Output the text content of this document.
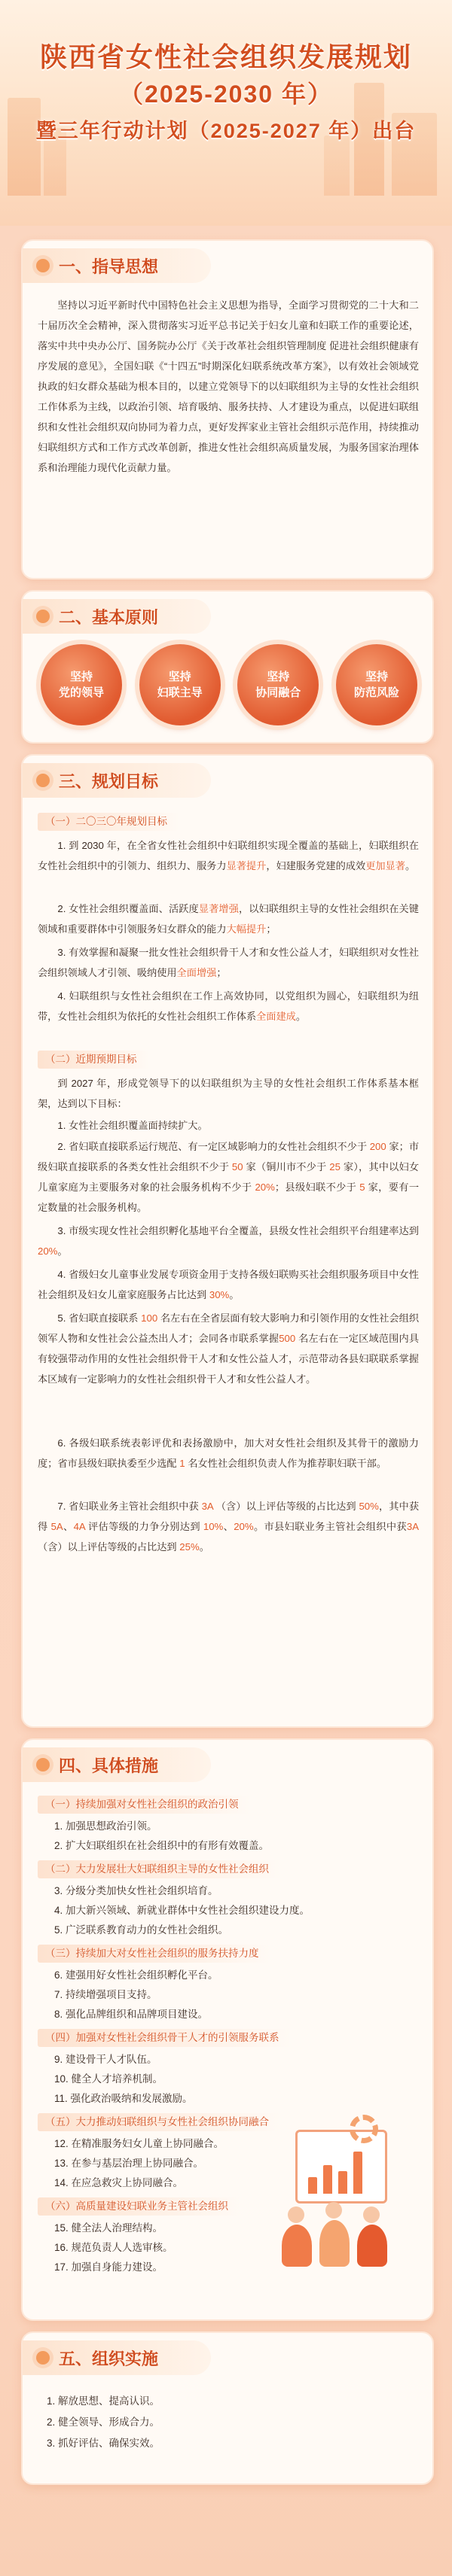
陕西省女性社会组织发展规划
（2025-2030 年）
暨三年行动计划（2025-2027 年）出台
一、指导思想
坚持以习近平新时代中国特色社会主义思想为指导，全面学习贯彻党的二十大和二十届历次全会精神，深入贯彻落实习近平总书记关于妇女儿童和妇联工作的重要论述，落实中共中央办公厅、国务院办公厅《关于改革社会组织管理制度 促进社会组织健康有序发展的意见》，全国妇联《“十四五”时期深化妇联系统改革方案》，以有效社会领域党执政的妇女群众基础为根本目的，以建立党领导下的以妇联组织为主导的女性社会组织工作体系为主线，以政治引领、培育吸纳、服务扶持、人才建设为重点，以促进妇联组织和女性社会组织双向协同为着力点，更好发挥家业主管社会组织示范作用，持续推动妇联组织方式和工作方式改革创新，推进女性社会组织高质量发展，为服务国家治理体系和治理能力现代化贡献力量。
二、基本原则
坚持
党的领导
坚持
妇联主导
坚持
协同融合
坚持
防范风险
三、规划目标
（一）二〇三〇年规划目标
1. 到 2030 年，在全省女性社会组织中妇联组织实现全覆盖的基础上，妇联组织在女性社会组织中的引领力、组织力、服务力显著提升，妇建服务党建的成效更加显著。
2. 女性社会组织覆盖面、活跃度显著增强，以妇联组织主导的女性社会组织在关键领域和重要群体中引领服务妇女群众的能力大幅提升；
3. 有效掌握和凝聚一批女性社会组织骨干人才和女性公益人才，妇联组织对女性社会组织领域人才引领、吸纳使用全面增强；
4. 妇联组织与女性社会组织在工作上高效协同，以党组织为圆心，妇联组织为纽带，女性社会组织为依托的女性社会组织工作体系全面建成。
（二）近期预期目标
到 2027 年，形成党领导下的以妇联组织为主导的女性社会组织工作体系基本框架，达到以下目标：
1. 女性社会组织覆盖面持续扩大。
2. 省妇联直接联系运行规范、有一定区域影响力的女性社会组织不少于 200 家；市级妇联直接联系的各类女性社会组织不少于 50 家（铜川市不少于 25 家），其中以妇女儿童家庭为主要服务对象的社会服务机构不少于 20%；县级妇联不少于 5 家，要有一定数量的社会服务机构。
3. 市级实现女性社会组织孵化基地平台全覆盖，县级女性社会组织平台组建率达到 20%。
4. 省级妇女儿童事业发展专项资金用于支持各级妇联购买社会组织服务项目中女性社会组织及妇女儿童家庭服务占比达到 30%。
5. 省妇联直接联系 100 名左右在全省层面有较大影响力和引领作用的女性社会组织领军人物和女性社会公益杰出人才；会同各市联系掌握500 名左右在一定区域范围内具有较强带动作用的女性社会组织骨干人才和女性公益人才，示范带动各县妇联联系掌握本区域有一定影响力的女性社会组织骨干人才和女性公益人才。
6. 各级妇联系统表彰评优和表扬激励中，加大对女性社会组织及其骨干的激励力度；省市县级妇联执委至少选配 1 名女性社会组织负责人作为推荐职妇联干部。
7. 省妇联业务主管社会组织中获 3A （含）以上评估等级的占比达到 50%，其中获得 5A、4A 评估等级的力争分别达到 10%、20%。市县妇联业务主管社会组织中获3A（含）以上评估等级的占比达到 25%。
四、具体措施
（一）持续加强对女性社会组织的政治引领
1. 加强思想政治引领。
2. 扩大妇联组织在社会组织中的有形有效覆盖。
（二）大力发展壮大妇联组织主导的女性社会组织
3. 分级分类加快女性社会组织培育。
4. 加大新兴领域、新就业群体中女性社会组织建设力度。
5. 广泛联系教育动力的女性社会组织。
（三）持续加大对女性社会组织的服务扶持力度
6. 建强用好女性社会组织孵化平台。
7. 持续增强项目支持。
8. 强化品牌组织和品牌项目建设。
（四）加强对女性社会组织骨干人才的引领服务联系
9. 建设骨干人才队伍。
10. 健全人才培养机制。
11. 强化政治吸纳和发展激励。
（五）大力推动妇联组织与女性社会组织协同融合
12. 在精准服务妇女儿童上协同融合。
13. 在参与基层治理上协同融合。
14. 在应急救灾上协同融合。
（六）高质量建设妇联业务主管社会组织
15. 健全法人治理结构。
16. 规范负责人人选审核。
17. 加强自身能力建设。
五、组织实施
1. 解放思想、提高认识。
2. 健全领导、形成合力。
3. 抓好评估、确保实效。
